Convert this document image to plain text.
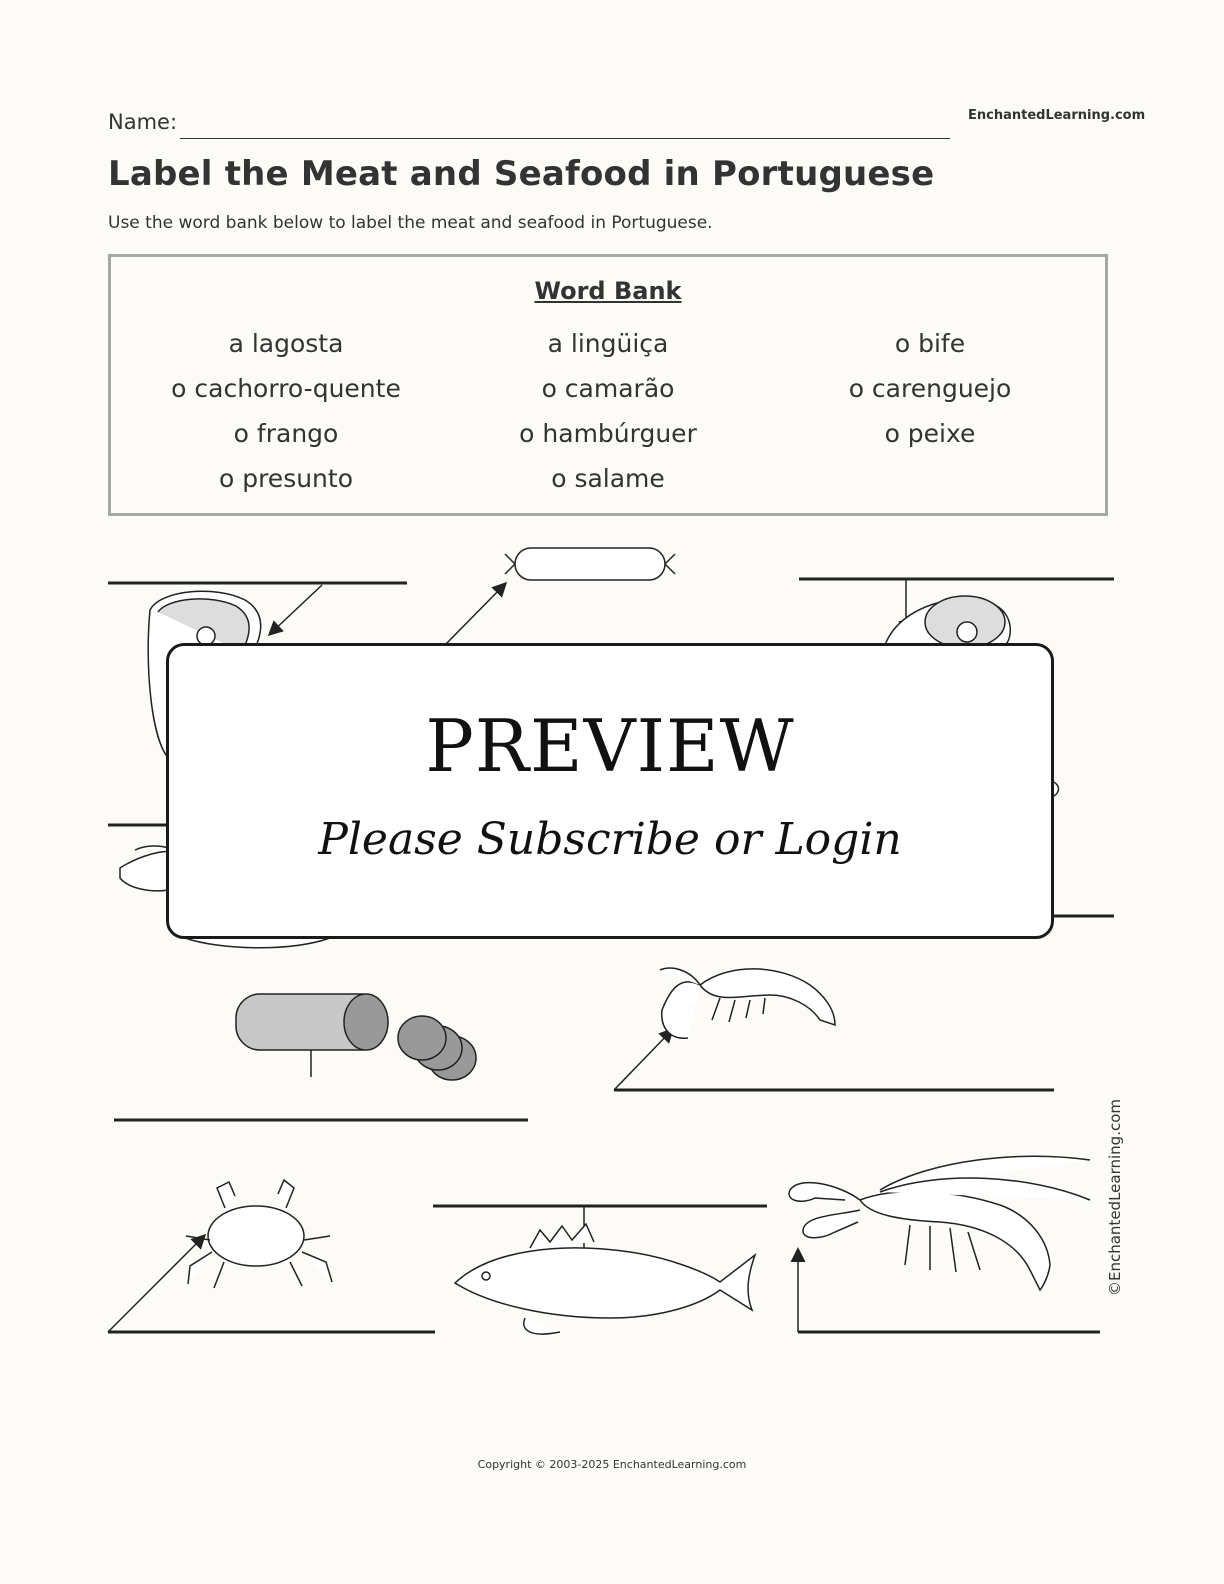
Name:	EnchantedLearning.com
Label the Meat and Seafood in Portuguese
Use the word bank below to label the meat and seafood in Portuguese.
Word Bank
a lagosta	a lingüiça	o bife
o cachorro-quente	o camarão	o carenguejo
o frango	o hambúrguer	o peixe
o presunto	o salame
PREVIEW
Please Subscribe or Login
©EnchantedLearning.com
Copyright © 2003-2025 EnchantedLearning.com
